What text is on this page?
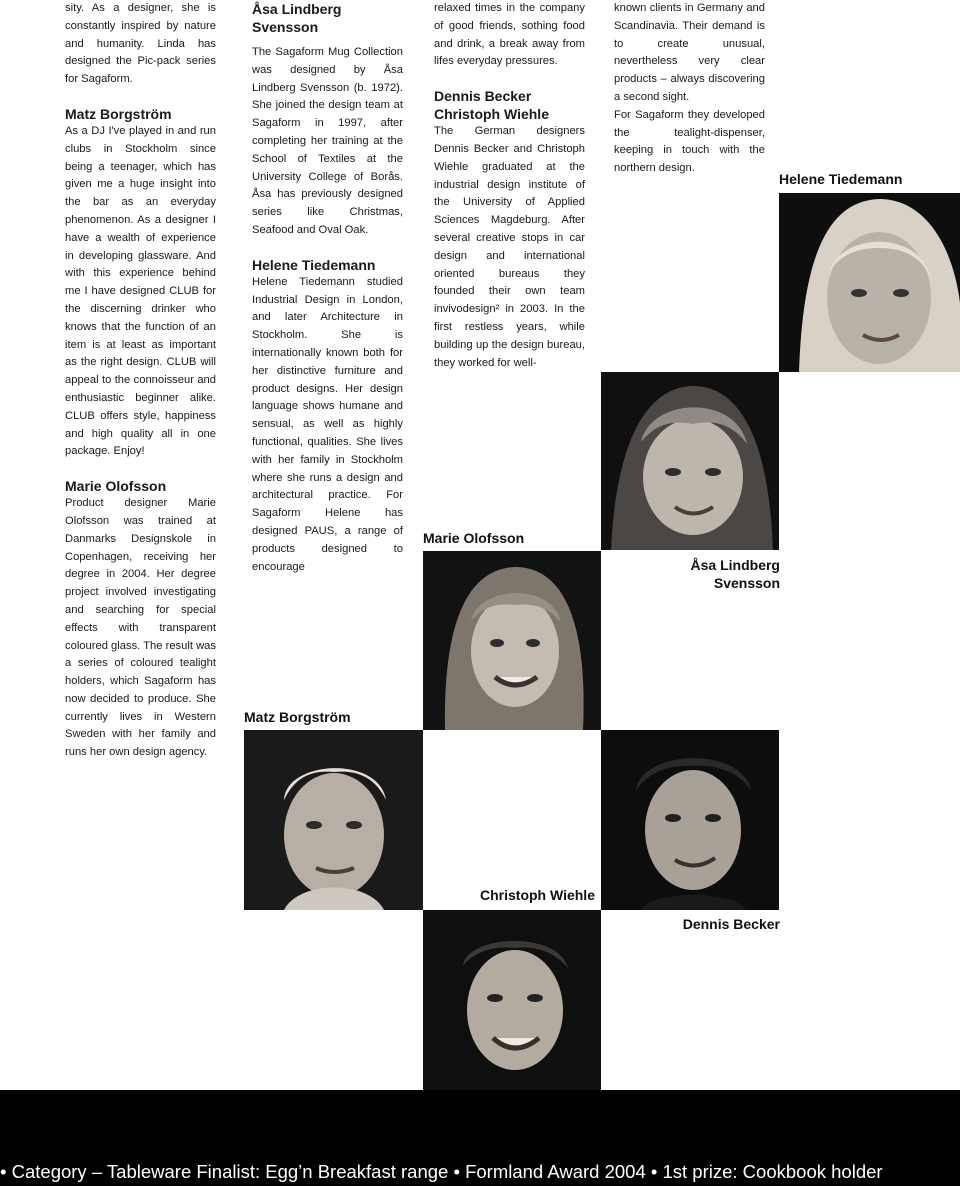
sity. As a designer, she is constantly inspired by nature and humanity. Linda has designed the Pic-pack series for Sagaform.

Matz Borgström

As a DJ I've played in and run clubs in Stockholm since being a teenager, which has given me a huge insight into the bar as an everyday phenomenon. As a designer I have a wealth of experience in developing glassware. And with this experience behind me I have designed CLUB for the discerning drinker who knows that the function of an item is at least as important as the right design. CLUB will appeal to the connoisseur and enthusiastic beginner alike. CLUB offers style, happiness and high quality all in one package. Enjoy!

Marie Olofsson

Product designer Marie Olofsson was trained at Danmarks Designskole in Copenhagen, receiving her degree in 2004. Her degree project involved investigating and searching for special effects with transparent coloured glass. The result was a series of coloured tealight holders, which Sagaform has now decided to produce. She currently lives in Western Sweden with her family and runs her own design agency.

Åsa Lindberg
Svensson

The Sagaform Mug Collection was designed by Åsa Lindberg Svensson (b. 1972). She joined the design team at Sagaform in 1997, after completing her training at the School of Textiles at the University College of Borås. Åsa has previously designed series like Christmas, Seafood and Oval Oak.

Helene Tiedemann

Helene Tiedemann studied Industrial Design in London, and later Architecture in Stockholm. She is internationally known both for her distinctive furniture and product designs. Her design language shows humane and sensual, as well as highly functional, qualities. She lives with her family in Stockholm where she runs a design and architectural practice. For Sagaform Helene has designed PAUS, a range of products designed to encourage

relaxed times in the company of good friends, sothing food and drink, a break away from lifes everyday pressures.

Dennis Becker
Christoph Wiehle

The German designers Dennis Becker and Christoph Wiehle graduated at the industrial design institute of the University of Applied Sciences Magdeburg. After several creative stops in car design and international oriented bureaus they founded their own team invivodesign² in 2003. In the first restless years, while building up the design bureau, they worked for well-

known clients in Germany and Scandinavia. Their demand is to create unusual, nevertheless very clear products – always discovering a second sight.

For Sagaform they developed the tealight-dispenser, keeping in touch with the northern design.

Helene Tiedemann

Marie Olofsson

Åsa Lindberg
Svensson

Matz Borgström

Christoph Wiehle

Dennis Becker

• Category – Tableware Finalist: Egg’n Breakfast range • Formland Award 2004 • 1st prize: Cookbook holder
